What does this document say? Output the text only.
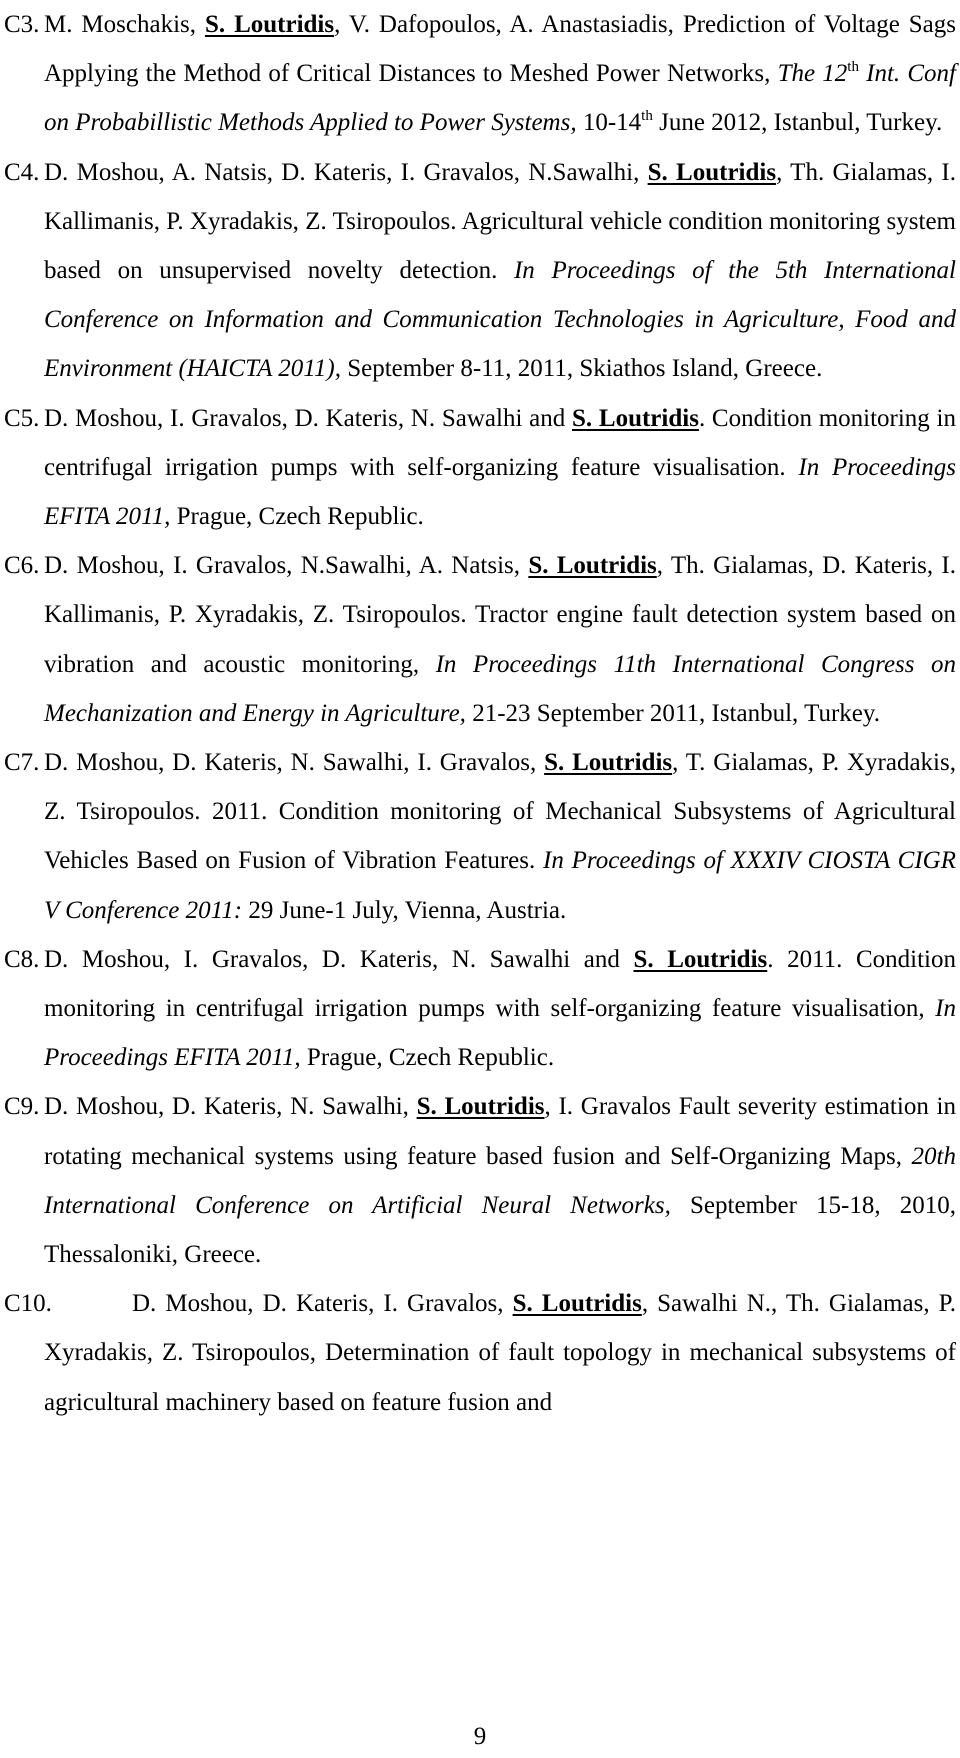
C3. M. Moschakis, S. Loutridis, V. Dafopoulos, A. Anastasiadis, Prediction of Voltage Sags Applying the Method of Critical Distances to Meshed Power Networks, The 12th Int. Conf on Probabillistic Methods Applied to Power Systems, 10-14th June 2012, Istanbul, Turkey.

C4. D. Moshou, A. Natsis, D. Kateris, I. Gravalos, N.Sawalhi, S. Loutridis, Th. Gialamas, I. Kallimanis, P. Xyradakis, Z. Tsiropoulos. Agricultural vehicle condition monitoring system based on unsupervised novelty detection. In Proceedings of the 5th International Conference on Information and Communication Technologies in Agriculture, Food and Environment (HAICTA 2011), September 8-11, 2011, Skiathos Island, Greece.

C5. D. Moshou, I. Gravalos, D. Kateris, N. Sawalhi and S. Loutridis. Condition monitoring in centrifugal irrigation pumps with self-organizing feature visualisation. In Proceedings EFITA 2011, Prague, Czech Republic.

C6. D. Moshou, I. Gravalos, N.Sawalhi, A. Natsis, S. Loutridis, Th. Gialamas, D. Kateris, I. Kallimanis, P. Xyradakis, Z. Tsiropoulos. Tractor engine fault detection system based on vibration and acoustic monitoring, In Proceedings 11th International Congress on Mechanization and Energy in Agriculture, 21-23 September 2011, Istanbul, Turkey.

C7. D. Moshou, D. Kateris, N. Sawalhi, I. Gravalos, S. Loutridis, T. Gialamas, P. Xyradakis, Z. Tsiropoulos. 2011. Condition monitoring of Mechanical Subsystems of Agricultural Vehicles Based on Fusion of Vibration Features. In Proceedings of XXXIV CIOSTA CIGR V Conference 2011: 29 June-1 July, Vienna, Austria.

C8. D. Moshou, I. Gravalos, D. Kateris, N. Sawalhi and S. Loutridis. 2011. Condition monitoring in centrifugal irrigation pumps with self-organizing feature visualisation, In Proceedings EFITA 2011, Prague, Czech Republic.

C9. D. Moshou, D. Kateris, N. Sawalhi, S. Loutridis, I. Gravalos Fault severity estimation in rotating mechanical systems using feature based fusion and Self-Organizing Maps, 20th International Conference on Artificial Neural Networks, September 15-18, 2010, Thessaloniki, Greece.

C10.	D. Moshou, D. Kateris, I. Gravalos, S. Loutridis, Sawalhi N., Th. Gialamas, P. Xyradakis, Z. Tsiropoulos, Determination of fault topology in mechanical subsystems of agricultural machinery based on feature fusion and

9
